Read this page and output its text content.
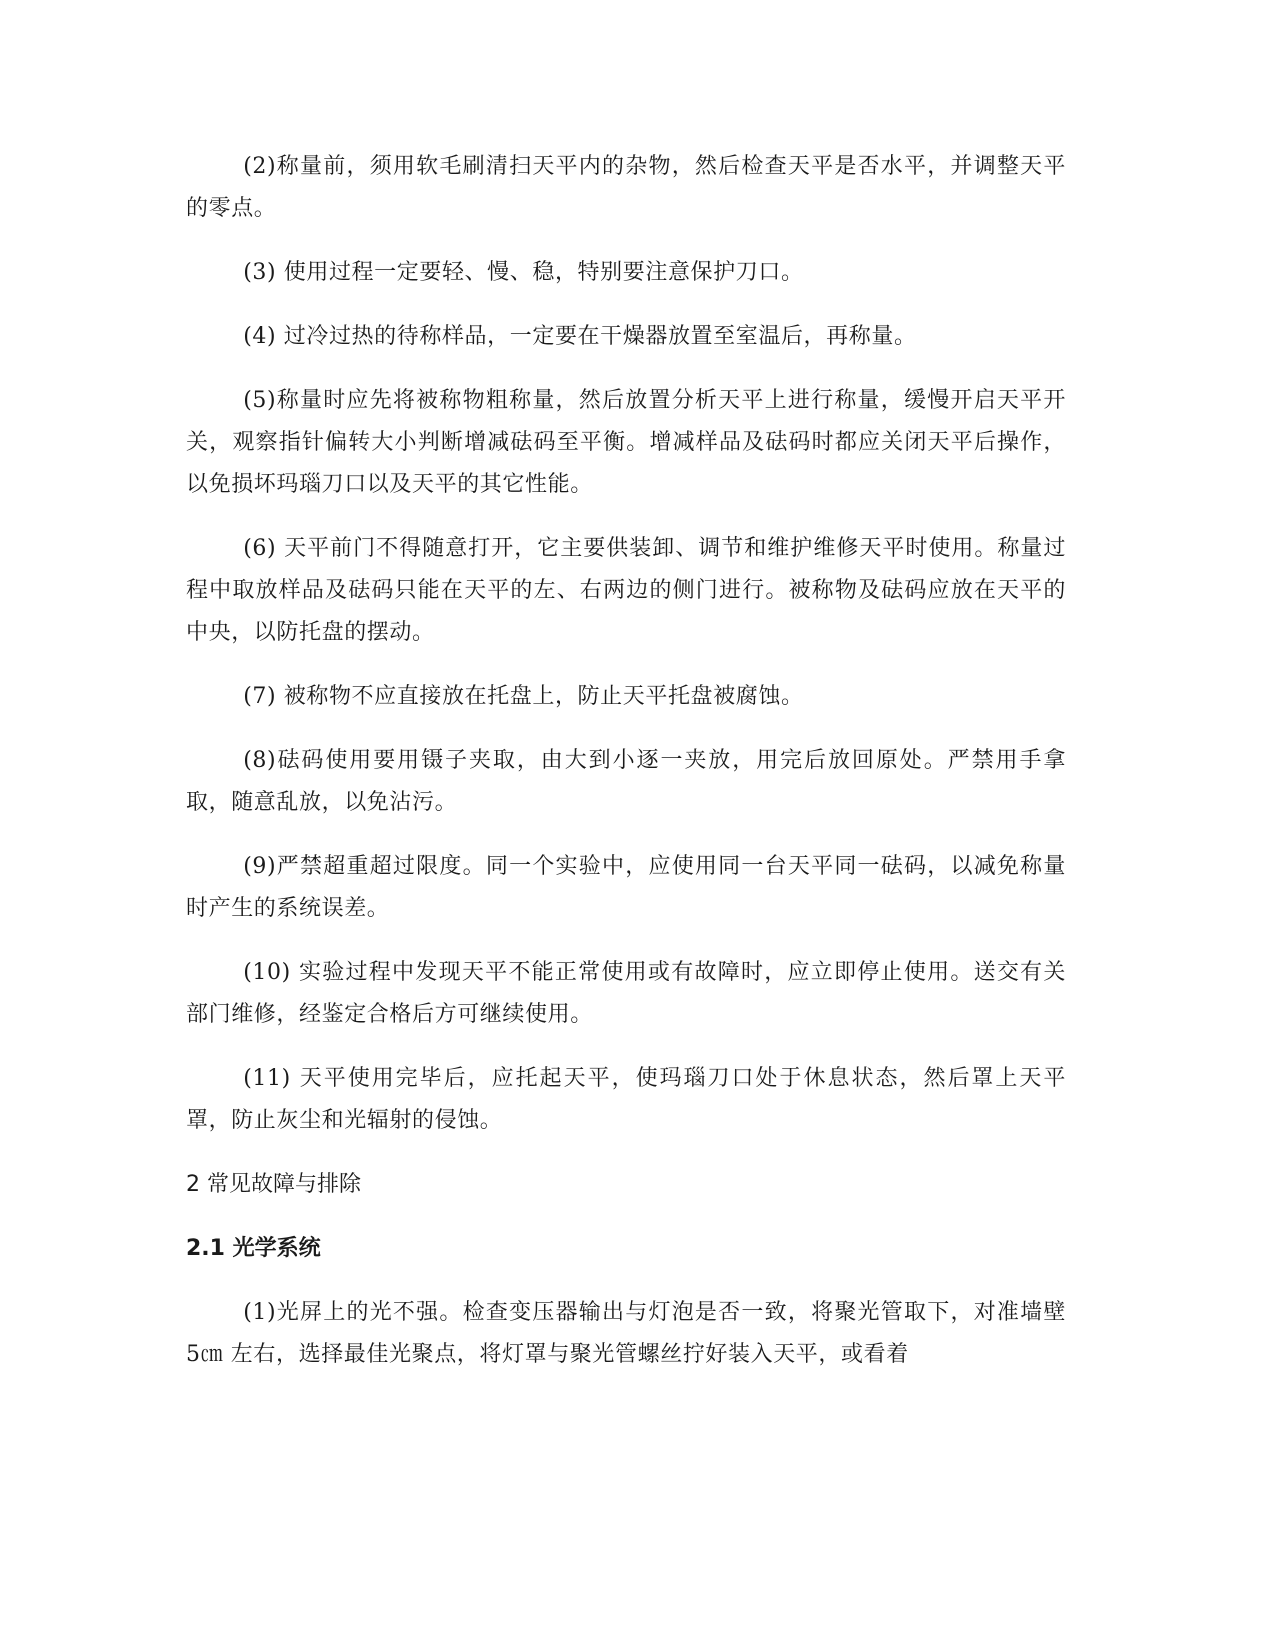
(2)称量前，须用软毛刷清扫天平内的杂物，然后检查天平是否水平，并调整天平的零点。

(3) 使用过程一定要轻、慢、稳，特别要注意保护刀口。

(4) 过冷过热的待称样品，一定要在干燥器放置至室温后，再称量。

(5)称量时应先将被称物粗称量，然后放置分析天平上进行称量，缓慢开启天平开关，观察指针偏转大小判断增减砝码至平衡。增减样品及砝码时都应关闭天平后操作，以免损坏玛瑙刀口以及天平的其它性能。

(6) 天平前门不得随意打开，它主要供装卸、调节和维护维修天平时使用。称量过程中取放样品及砝码只能在天平的左、右两边的侧门进行。被称物及砝码应放在天平的中央，以防托盘的摆动。

(7) 被称物不应直接放在托盘上，防止天平托盘被腐蚀。

(8)砝码使用要用镊子夹取，由大到小逐一夹放，用完后放回原处。严禁用手拿取，随意乱放，以免沾污。

(9)严禁超重超过限度。同一个实验中，应使用同一台天平同一砝码，以减免称量时产生的系统误差。

(10) 实验过程中发现天平不能正常使用或有故障时，应立即停止使用。送交有关部门维修，经鉴定合格后方可继续使用。

(11) 天平使用完毕后，应托起天平，使玛瑙刀口处于休息状态，然后罩上天平罩，防止灰尘和光辐射的侵蚀。

2 常见故障与排除

2.1 光学系统

(1)光屏上的光不强。检查变压器输出与灯泡是否一致，将聚光管取下，对准墙壁 5㎝ 左右，选择最佳光聚点，将灯罩与聚光管螺丝拧好装入天平，或看着
